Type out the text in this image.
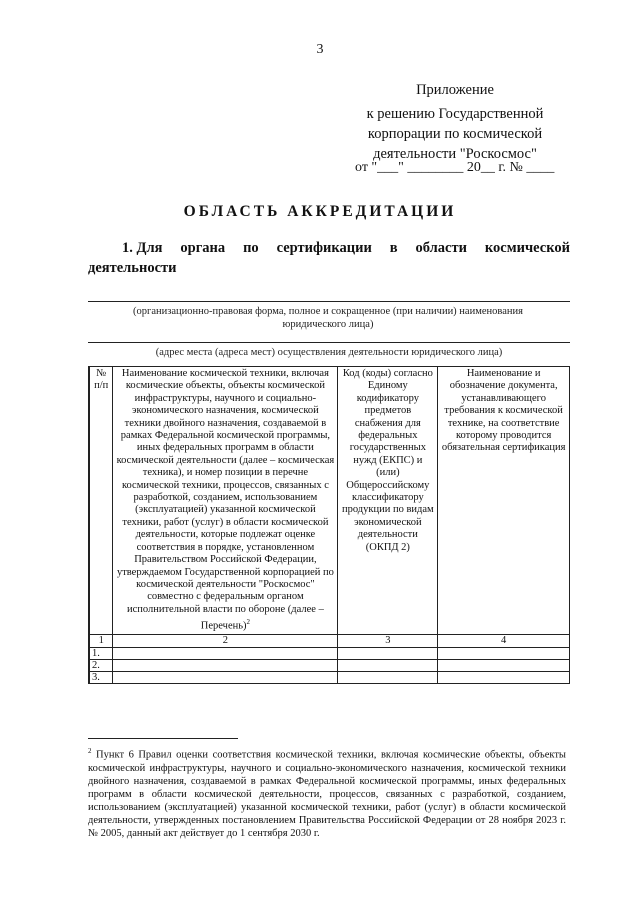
3
Приложение
к решению Государственной
корпорации по космической
деятельности "Роскосмос"
от "___" ________ 20__ г. № ____
ОБЛАСТЬ АККРЕДИТАЦИИ
1. Для органа по сертификации в области космической
деятельности
(организационно-правовая форма, полное и сокращенное (при наличии) наименования юридического лица)
(адрес места (адреса мест) осуществления деятельности юридического лица)
№ п/п	Наименование космической техники, включая космические объекты, объекты космической инфраструктуры, научного и социально-экономического назначения, космической техники двойного назначения, создаваемой в рамках Федеральной космической программы, иных федеральных программ в области космической деятельности (далее – космическая техника), и номер позиции в перечне космической техники, процессов, связанных с разработкой, созданием, использованием (эксплуатацией) указанной космической техники, работ (услуг) в области космической деятельности, которые подлежат оценке соответствия в порядке, установленном Правительством Российской Федерации, утверждаемом Государственной корпорацией по космической деятельности "Роскосмос" совместно с федеральным органом исполнительной власти по обороне (далее – Перечень)$^2$	Код (коды) согласно Единому кодификатору предметов снабжения для федеральных государственных нужд (ЕКПС) и (или) Общероссийскому классификатору продукции по видам экономической деятельности (ОКПД 2)	Наименование и обозначение документа, устанавливающего требования к космической технике, на соответствие которому проводится обязательная сертификация
1	2	3	4
1.			
2.			
3.			
$^2$ Пункт 6 Правил оценки соответствия космической техники, включая космические объекты, объекты космической инфраструктуры, научного и социально-экономического назначения, космической техники двойного назначения, создаваемой в рамках Федеральной космической программы, иных федеральных программ в области космической деятельности, процессов, связанных с разработкой, созданием, использованием (эксплуатацией) указанной космической техники, работ (услуг) в области космической деятельности, утвержденных постановлением Правительства Российской Федерации от 28 ноября 2023 г. № 2005, данный акт действует до 1 сентября 2030 г.
